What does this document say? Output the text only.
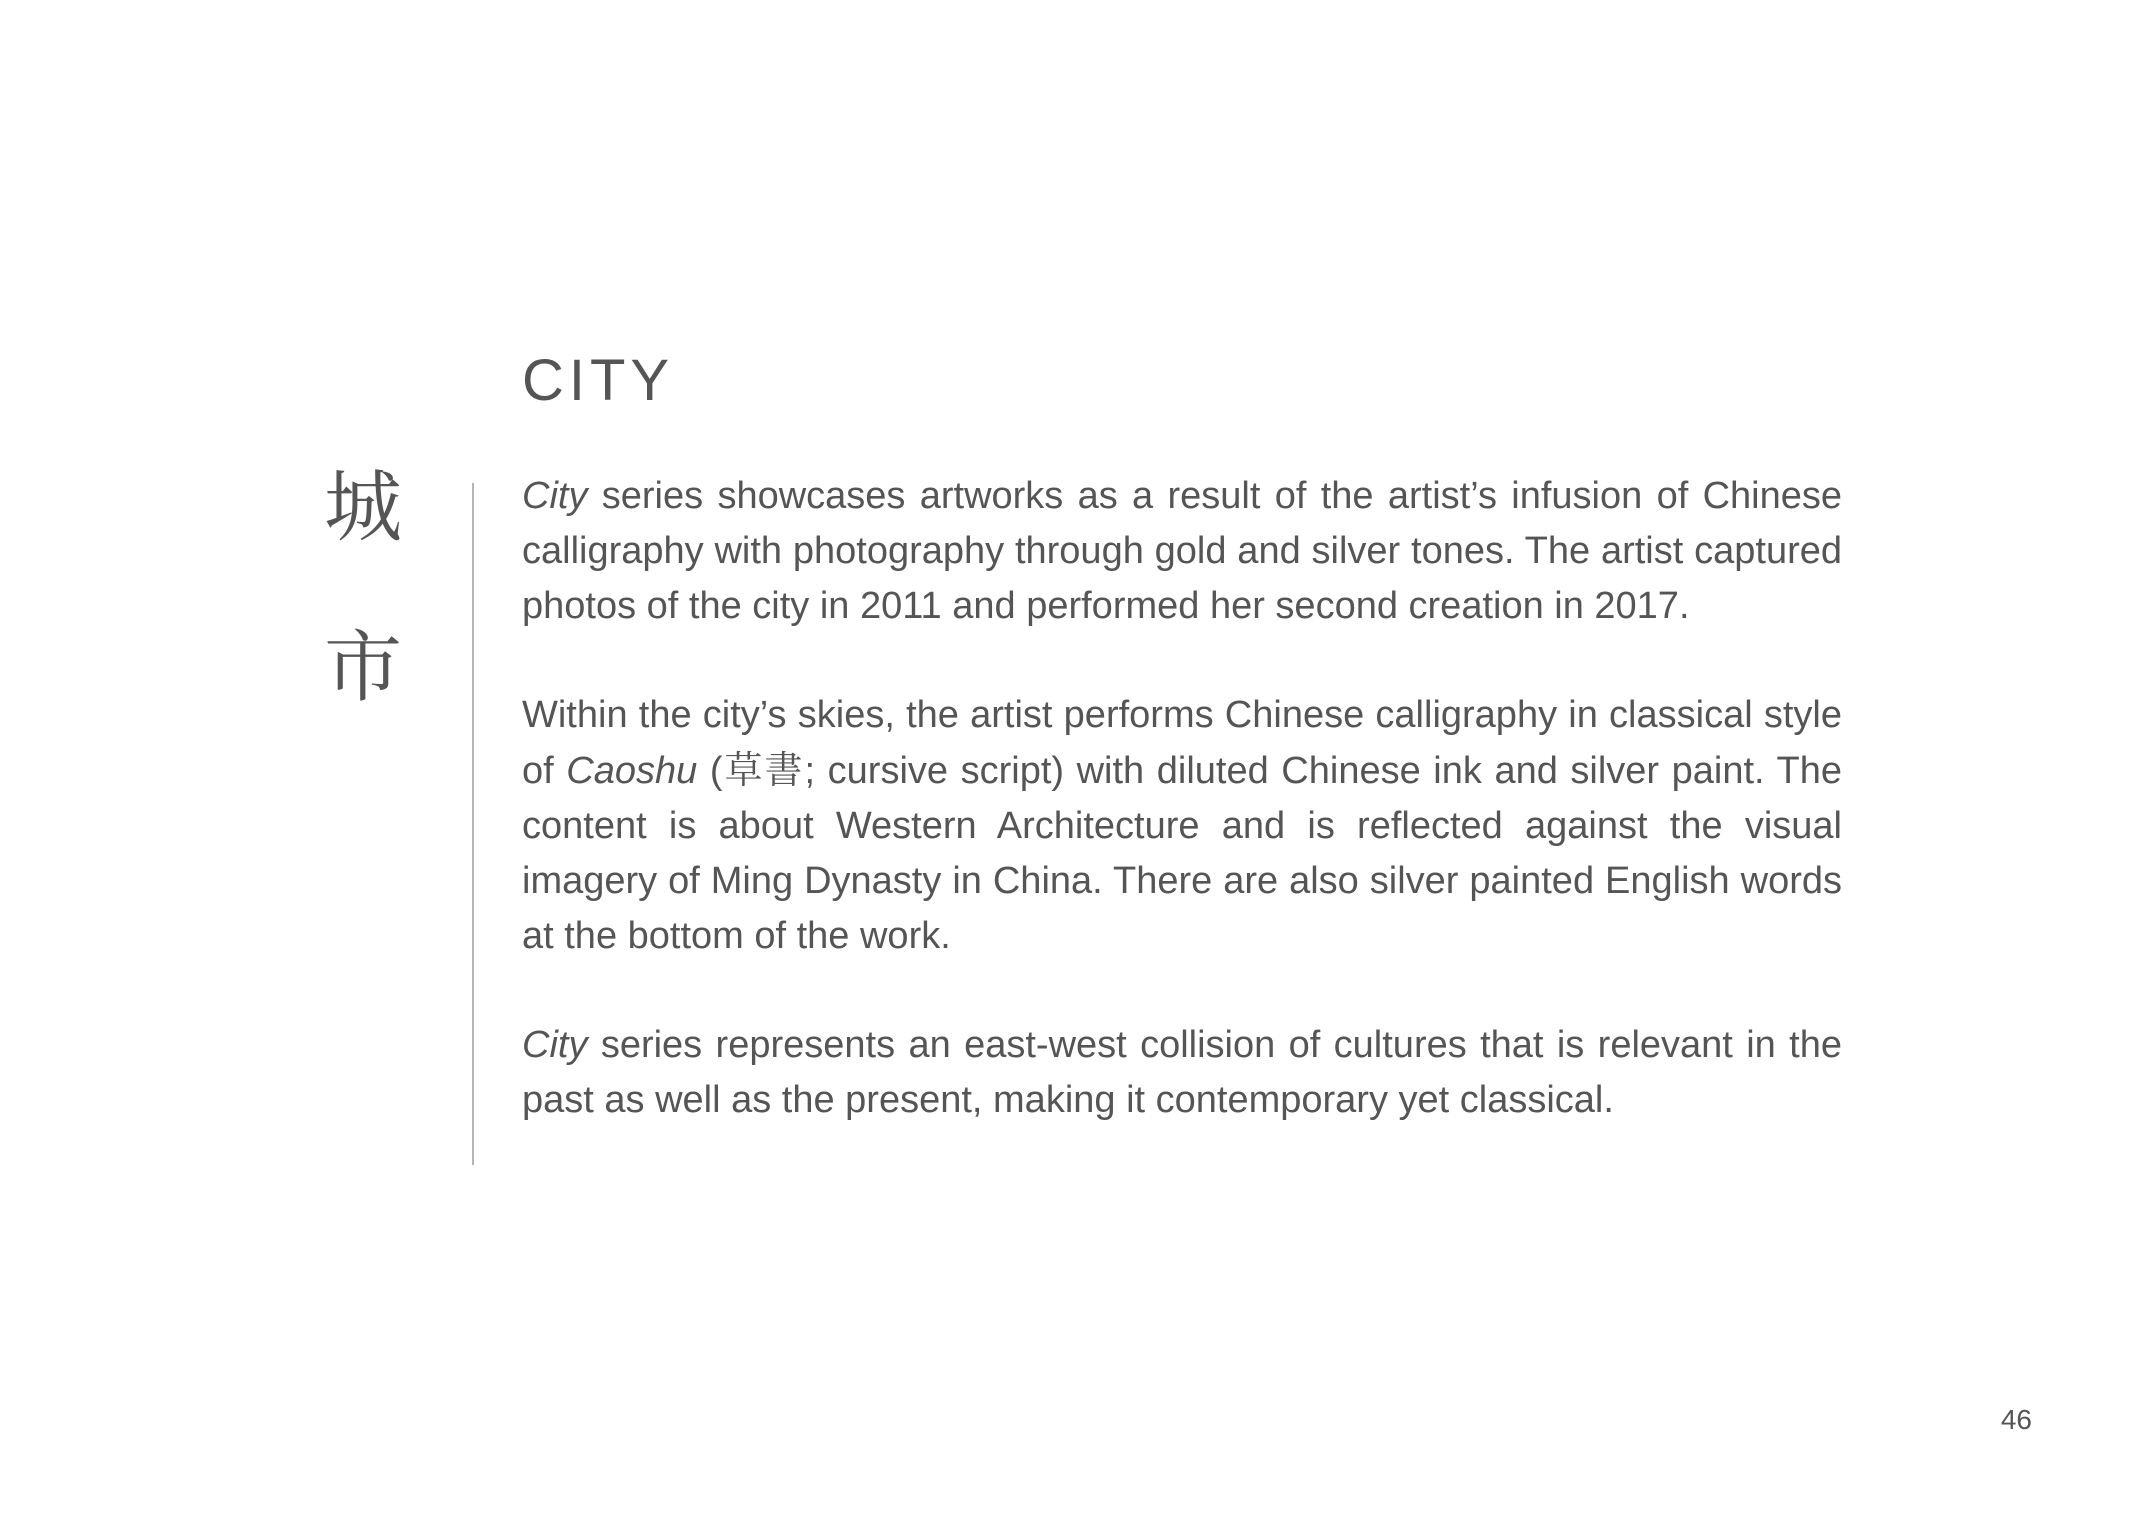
CITY
城
市

City series showcases artworks as a result of the artist’s infusion of Chinese calligraphy with photography through gold and silver tones. The artist captured photos of the city in 2011 and performed her second creation in 2017.

Within the city’s skies, the artist performs Chinese calligraphy in classical style of Caoshu (草書; cursive script) with diluted Chinese ink and silver paint. The content is about Western Architecture and is reflected against the visual imagery of Ming Dynasty in China. There are also silver painted English words at the bottom of the work.

City series represents an east-west collision of cultures that is relevant in the past as well as the present, making it contemporary yet classical.

46
